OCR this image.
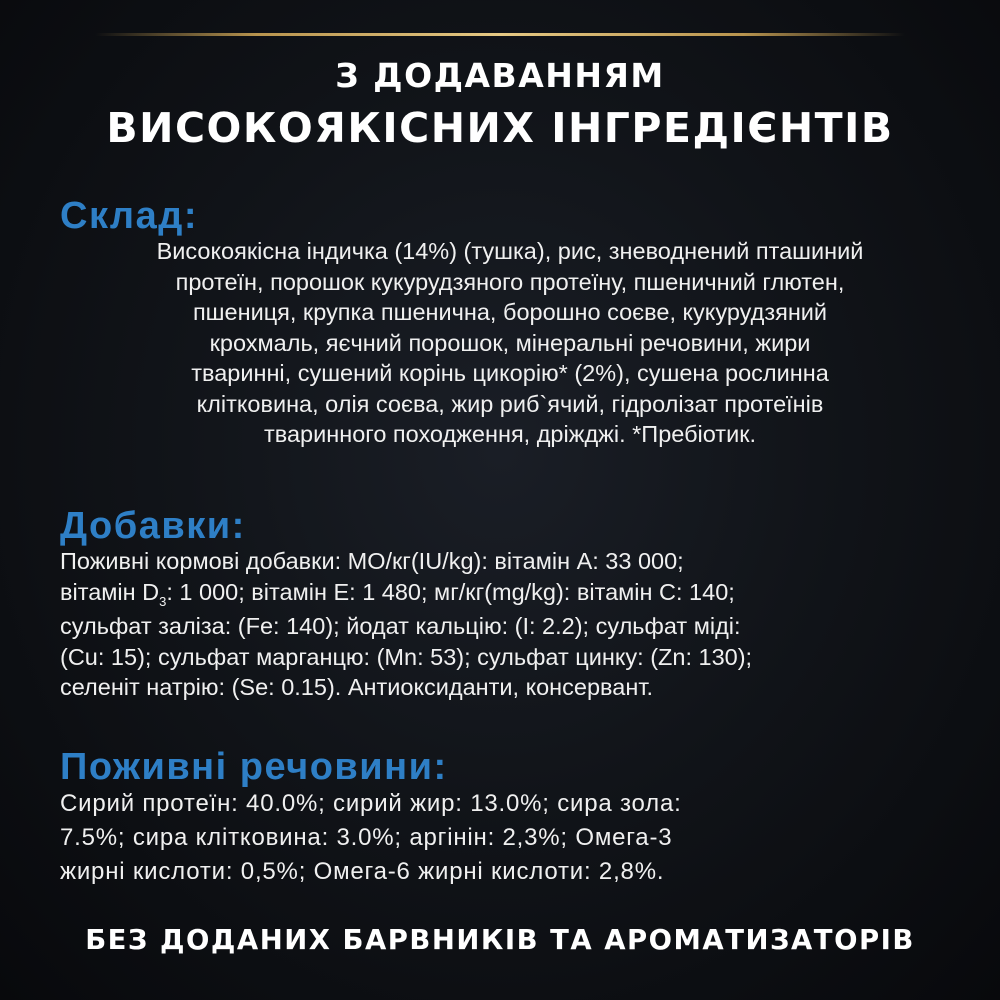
З ДОДАВАННЯМ
ВИСОКОЯКІСНИХ ІНГРЕДІЄНТІВ
Склад:

Високоякісна індичка (14%) (тушка), рис, зневоднений пташиний
протеїн, порошок кукурудзяного протеїну, пшеничний глютен,
пшениця, крупка пшенична, борошно соєве, кукурудзяний
крохмаль, яєчний порошок, мінеральні речовини, жири
тваринні, сушений корінь цикорію* (2%), сушена рослинна
клітковина, олія соєва, жир риб`ячий, гідролізат протеїнів
тваринного походження, дріжджі. *Пребіотик.

Добавки:

Поживні кормові добавки: МО/кг(IU/kg): вітамін А: 33 000;
вітамін $D_3$: 1 000; вітамін Е: 1 480; мг/кг(mg/kg): вітамін С: 140;
сульфат заліза: (Fe: 140); йодат кальцію: (I: 2.2); сульфат міді:
(Cu: 15); сульфат марганцю: (Mn: 53); сульфат цинку: (Zn: 130);
селеніт натрію: (Se: 0.15). Антиоксиданти, консервант.

Поживні речовини:

Сирий протеїн: 40.0%; сирий жир: 13.0%; сира зола:
7.5%; сира клітковина: 3.0%; аргінін: 2,3%; Омега-3
жирні кислоти: 0,5%; Омега-6 жирні кислоти: 2,8%.

БЕЗ ДОДАНИХ БАРВНИКІВ ТА АРОМАТИЗАТОРІВ
